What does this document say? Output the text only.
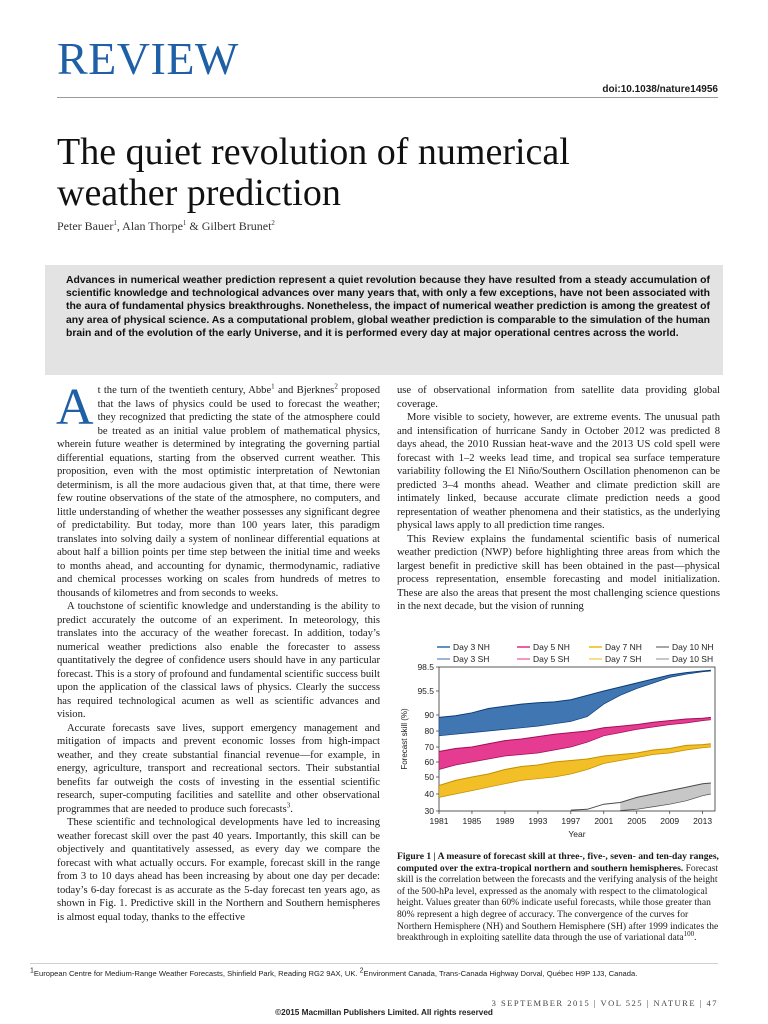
REVIEW
doi:10.1038/nature14956
The quiet revolution of numerical
weather prediction
Peter Bauer$^1$, Alan Thorpe$^1$ & Gilbert Brunet$^2$
Advances in numerical weather prediction represent a quiet revolution because they have resulted from a steady accumulation of scientific knowledge and technological advances over many years that, with only a few exceptions, have not been associated with the aura of fundamental physics breakthroughs. Nonetheless, the impact of numerical weather prediction is among the greatest of any area of physical science. As a computational problem, global weather prediction is comparable to the simulation of the human brain and of the evolution of the early Universe, and it is performed every day at major operational centres across the world.

At the turn of the twentieth century, Abbe$^1$ and Bjerknes$^2$ proposed that the laws of physics could be used to forecast the weather; they recognized that predicting the state of the atmosphere could be treated as an initial value problem of mathematical physics, wherein future weather is determined by integrating the governing partial differential equations, starting from the observed current weather. This proposition, even with the most optimistic interpretation of Newtonian determinism, is all the more audacious given that, at that time, there were few routine observations of the state of the atmosphere, no computers, and little understanding of whether the weather possesses any significant degree of predictability. But today, more than 100 years later, this paradigm translates into solving daily a system of nonlinear differential equations at about half a billion points per time step between the initial time and weeks to months ahead, and accounting for dynamic, thermodynamic, radiative and chemical processes working on scales from hundreds of metres to thousands of kilometres and from seconds to weeks.

A touchstone of scientific knowledge and understanding is the ability to predict accurately the outcome of an experiment. In meteorology, this translates into the accuracy of the weather forecast. In addition, today’s numerical weather predictions also enable the forecaster to assess quantitatively the degree of confidence users should have in any particular forecast. This is a story of profound and fundamental scientific success built upon the application of the classical laws of physics. Clearly the success has required technological acumen as well as scientific advances and vision.

Accurate forecasts save lives, support emergency management and mitigation of impacts and prevent economic losses from high-impact weather, and they create substantial financial revenue—for example, in energy, agriculture, transport and recreational sectors. Their substantial benefits far outweigh the costs of investing in the essential scientific research, super-computing facilities and satellite and other observational programmes that are needed to produce such forecasts$^3$.

These scientific and technological developments have led to increasing weather forecast skill over the past 40 years. Importantly, this skill can be objectively and quantitatively assessed, as every day we compare the forecast with what actually occurs. For example, forecast skill in the range from 3 to 10 days ahead has been increasing by about one day per decade: today’s 6-day forecast is as accurate as the 5-day forecast ten years ago, as shown in Fig. 1. Predictive skill in the Northern and Southern hemispheres is almost equal today, thanks to the effective

use of observational information from satellite data providing global coverage.

More visible to society, however, are extreme events. The unusual path and intensification of hurricane Sandy in October 2012 was predicted 8 days ahead, the 2010 Russian heat-wave and the 2013 US cold spell were forecast with 1–2 weeks lead time, and tropical sea surface temperature variability following the El Niño/Southern Oscillation phenomenon can be predicted 3–4 months ahead. Weather and climate prediction skill are intimately linked, because accurate climate prediction needs a good representation of weather phenomena and their statistics, as the underlying physical laws apply to all prediction time ranges.

This Review explains the fundamental scientific basis of numerical weather prediction (NWP) before highlighting three areas from which the largest benefit in predictive skill has been obtained in the past—physical process representation, ensemble forecasting and model initialization. These are also the areas that present the most challenging science questions in the next decade, but the vision of running

30
40
50
60
70
80
90
95.5
98.5
1981 1985 1989 1993 1997 2001 2005 2009 2013
Year
Forecast skill (%)
Day 3 NH	Day 5 NH	Day 7 NH	Day 10 NH
Day 3 SH	Day 5 SH	Day 7 SH	Day 10 SH
Figure 1 | A measure of forecast skill at three-, five-, seven- and ten-day ranges, computed over the extra-tropical northern and southern hemispheres. Forecast skill is the correlation between the forecasts and the verifying analysis of the height of the 500-hPa level, expressed as the anomaly with respect to the climatological height. Values greater than 60% indicate useful forecasts, while those greater than 80% represent a high degree of accuracy. The convergence of the curves for Northern Hemisphere (NH) and Southern Hemisphere (SH) after 1999 indicates the breakthrough in exploiting satellite data through the use of variational data$^{100}$.
$^1$European Centre for Medium-Range Weather Forecasts, Shinfield Park, Reading RG2 9AX, UK. $^2$Environment Canada, Trans-Canada Highway Dorval, Québec H9P 1J3, Canada.
3 SEPTEMBER 2015 | VOL 525 | NATURE | 47
©2015 Macmillan Publishers Limited. All rights reserved
